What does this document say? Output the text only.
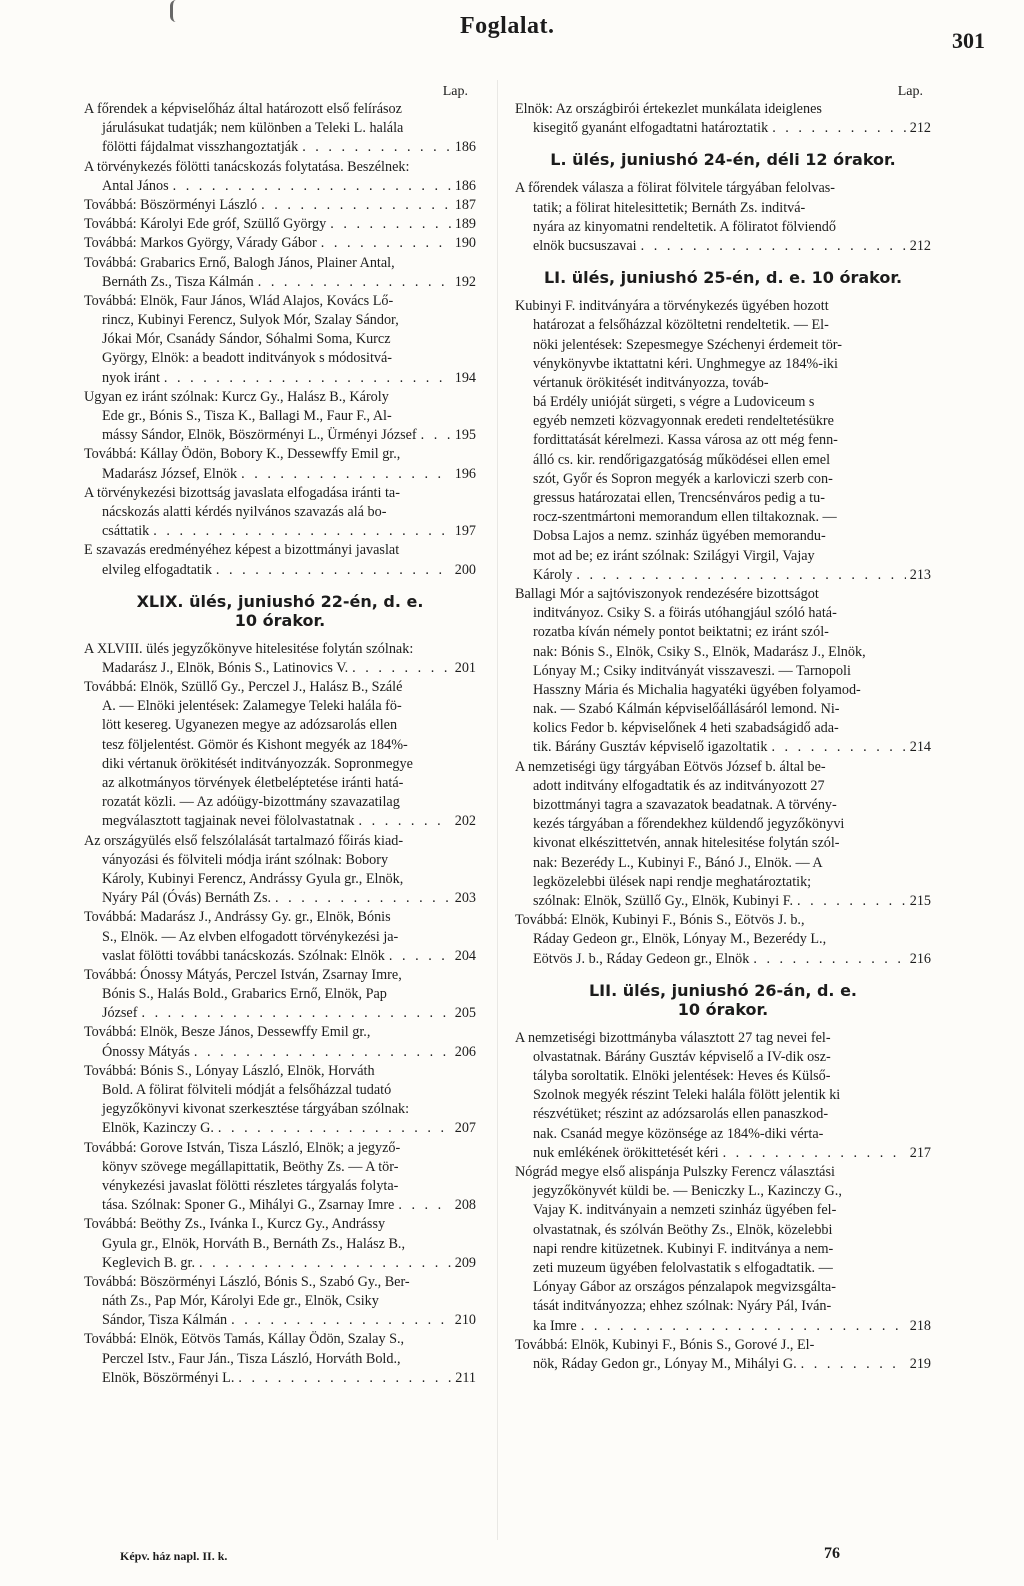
Foglalat.
301
Lap.
A főrendek a képviselőház által határozott első felírásoz
járulásukat tudatják; nem különben a Teleki L. halála
fölötti fájdalmat visszhangoztatják . . .	186
A törvénykezés fölötti tanácskozás folytatása. Beszélnek:
Antal János . . .	186
Továbbá: Böszörményi László . . .	187
Továbbá: Károlyi Ede gróf, Szüllő György . . .	189
Továbbá: Markos György, Várady Gábor . . .	190
Továbbá: Grabarics Ernő, Balogh János, Plainer Antal,
Bernáth Zs., Tisza Kálmán . . .	192
Továbbá: Elnök, Faur János, Wlád Alajos, Kovács Lő-
rincz, Kubinyi Ferencz, Sulyok Mór, Szalay Sándor,
Jókai Mór, Csanády Sándor, Sóhalmi Soma, Kurcz
György, Elnök: a beadott inditványok s módositvá-
nyok iránt . . .	194
Ugyan ez iránt szólnak: Kurcz Gy., Halász B., Károly
Ede gr., Bónis S., Tisza K., Ballagi M., Faur F., Al-
mássy Sándor, Elnök, Böszörményi L., Ürményi József . . .	195
Továbbá: Kállay Ödön, Bobory K., Dessewffy Emil gr.,
Madarász József, Elnök . . .	196
A törvénykezési bizottság javaslata elfogadása iránti ta-
nácskozás alatti kérdés nyilvános szavazás alá bo-
csáttatik . . .	197
E szavazás eredményéhez képest a bizottmányi javaslat
elvileg elfogadtatik . . .	200
XLIX. ülés, juniushó 22-én, d. e.
10 órakor.
A XLVIII. ülés jegyzőkönyve hitelesitése folytán szólnak:
Madarász J., Elnök, Bónis S., Latinovics V. . . .	201
Továbbá: Elnök, Szüllő Gy., Perczel J., Halász B., Szálé
A. — Elnöki jelentések: Zalamegye Teleki halála fö-
lött kesereg. Ugyanezen megye az adózsarolás ellen
tesz följelentést. Gömör és Kishont megyék az 184%-
diki vértanuk örökitését inditványozzák. Sopronmegye
az alkotmányos törvények életbeléptetése iránti hatá-
rozatát közli. — Az adóügy-bizottmány szavazatilag
megválasztott tagjainak nevei fölolvastatnak . . .	202
Az országyülés első felszólalását tartalmazó főirás kiad-
ványozási és fölviteli módja iránt szólnak: Bobory
Károly, Kubinyi Ferencz, Andrássy Gyula gr., Elnök,
Nyáry Pál (Óvás) Bernáth Zs. . . .	203
Továbbá: Madarász J., Andrássy Gy. gr., Elnök, Bónis
S., Elnök. — Az elvben elfogadott törvénykezési ja-
vaslat fölötti további tanácskozás. Szólnak: Elnök . . .	204
Továbbá: Ónossy Mátyás, Perczel István, Zsarnay Imre,
Bónis S., Halás Bold., Grabarics Ernő, Elnök, Pap
József . . .	205
Továbbá: Elnök, Besze János, Dessewffy Emil gr.,
Ónossy Mátyás . . .	206
Továbbá: Bónis S., Lónyay László, Elnök, Horváth
Bold. A fölirat fölviteli módját a felsőházzal tudató
jegyzőkönyvi kivonat szerkesztése tárgyában szólnak:
Elnök, Kazinczy G. . . .	207
Továbbá: Gorove István, Tisza László, Elnök; a jegyző-
könyv szövege megállapittatik, Beöthy Zs. — A tör-
vénykezési javaslat fölötti részletes tárgyalás folyta-
tása. Szólnak: Sponer G., Mihályi G., Zsarnay Imre . . .	208
Továbbá: Beöthy Zs., Ivánka I., Kurcz Gy., Andrássy
Gyula gr., Elnök, Horváth B., Bernáth Zs., Halász B.,
Keglevich B. gr. . . .	209
Továbbá: Böszörményi László, Bónis S., Szabó Gy., Ber-
náth Zs., Pap Mór, Károlyi Ede gr., Elnök, Csiky
Sándor, Tisza Kálmán . . .	210
Továbbá: Elnök, Eötvös Tamás, Kállay Ödön, Szalay S.,
Perczel Istv., Faur Ján., Tisza László, Horváth Bold.,
Elnök, Böszörményi L. . . .	211
Lap.
Elnök: Az országbirói értekezlet munkálata ideiglenes
kisegitő gyanánt elfogadtatni határoztatik . . .	212
L. ülés, juniushó 24-én, déli 12 órakor.
A főrendek válasza a fölirat fölvitele tárgyában felolvas-
tatik; a fölirat hitelesittetik; Bernáth Zs. inditvá-
nyára az kinyomatni rendeltetik. A föliratot fölviendő
elnök bucsuszavai . . .	212
LI. ülés, juniushó 25-én, d. e. 10 órakor.
Kubinyi F. inditványára a törvénykezés ügyében hozott
határozat a felsőházzal közöltetni rendeltetik. — El-
nöki jelentések: Szepesmegye Széchenyi érdemeit tör-
vénykönyvbe iktattatni kéri. Unghmegye az 184%-iki
vértanuk örökitését inditványozza, továb-
bá Erdély unióját sürgeti, s végre a Ludoviceum s
egyéb nemzeti közvagyonnak eredeti rendeltetésükre
fordittatását kérelmezi. Kassa városa az ott még fenn-
álló cs. kir. rendőrigazgatóság működései ellen emel
szót, Győr és Sopron megyék a karloviczi szerb con-
gressus határozatai ellen, Trencsénváros pedig a tu-
rocz-szentmártoni memorandum ellen tiltakoznak. —
Dobsa Lajos a nemz. szinház ügyében memorandu-
mot ad be; ez iránt szólnak: Szilágyi Virgil, Vajay
Károly . . .	213
Ballagi Mór a sajtóviszonyok rendezésére bizottságot
inditványoz. Csiky S. a föirás utóhangjául szóló hatá-
rozatba kíván némely pontot beiktatni; ez iránt szól-
nak: Bónis S., Elnök, Csiky S., Elnök, Madarász J., Elnök,
Lónyay M.; Csiky inditványát visszaveszi. — Tarnopoli
Hasszny Mária és Michalia hagyatéki ügyében folyamod-
nak. — Szabó Kálmán képviselőállásáról lemond. Ni-
kolics Fedor b. képviselőnek 4 heti szabadságidő ada-
tik. Bárány Gusztáv képviselő igazoltatik . . .	214
A nemzetiségi ügy tárgyában Eötvös József b. által be-
adott inditvány elfogadtatik és az inditványozott 27
bizottmányi tagra a szavazatok beadatnak. A törvény-
kezés tárgyában a főrendekhez küldendő jegyzőkönyvi
kivonat elkészittetvén, annak hitelesitése folytán szól-
nak: Bezerédy L., Kubinyi F., Bánó J., Elnök. — A
legközelebbi ülések napi rendje meghatároztatik;
szólnak: Elnök, Szüllő Gy., Elnök, Kubinyi F. . . .	215
Továbbá: Elnök, Kubinyi F., Bónis S., Eötvös J. b.,
Ráday Gedeon gr., Elnök, Lónyay M., Bezerédy L.,
Eötvös J. b., Ráday Gedeon gr., Elnök . . .	216
LII. ülés, juniushó 26-án, d. e.
10 órakor.
A nemzetiségi bizottmányba választott 27 tag nevei fel-
olvastatnak. Bárány Gusztáv képviselő a IV-dik osz-
tályba soroltatik. Elnöki jelentések: Heves és Külső-
Szolnok megyék részint Teleki halála fölött jelentik ki
részvétüket; részint az adózsarolás ellen panaszkod-
nak. Csanád megye közönsége az 184%-diki vértа-
nuk emlékének örökittetését kéri . . .	217
Nógrád megye első alispánja Pulszky Ferencz választási
jegyzőkönyvét küldi be. — Beniczky L., Kazinczy G.,
Vajay K. inditványain a nemzeti szinház ügyében fel-
olvastatnak, és szólván Beöthy Zs., Elnök, közelebbi
napi rendre kitüzetnek. Kubinyi F. inditványa a nem-
zeti muzeum ügyében felolvastatik s elfogadtatik. —
Lónyay Gábor az országos pénzalapok megvizsgálta-
tását inditványozza; ehhez szólnak: Nyáry Pál, Iván-
ka Imre . . .	218
Továbbá: Elnök, Kubinyi F., Bónis S., Gorové J., El-
nök, Ráday Gedon gr., Lónyay M., Mihályi G. . . .	219
Képv. ház napl. II. k.	76
